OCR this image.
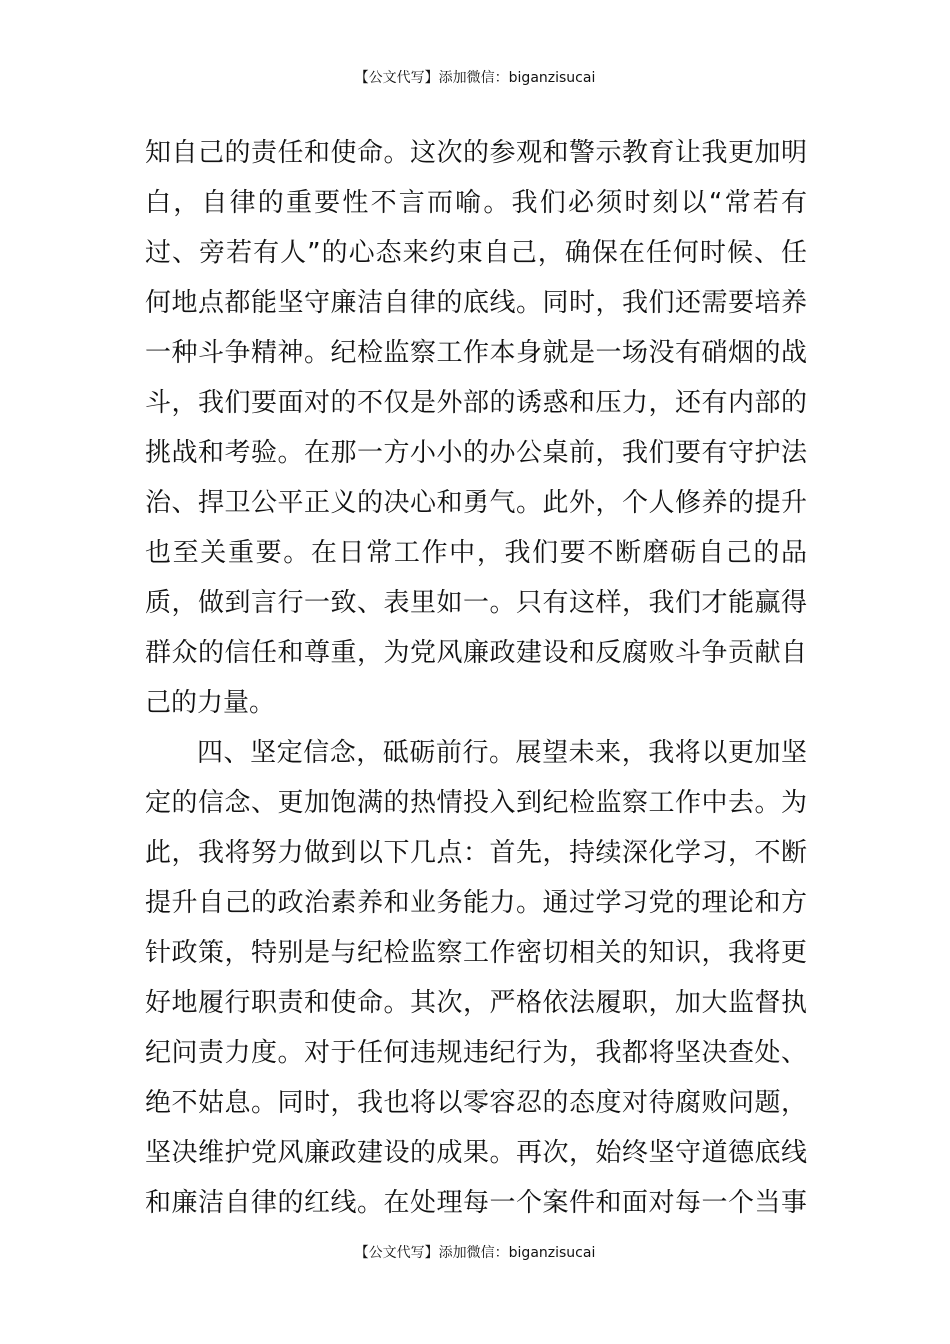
【公文代写】添加微信：biganzisucai
知自己的责任和使命。这次的参观和警示教育让我更加明
白，自律的重要性不言而喻。我们必须时刻以“常若有
过、旁若有人”的心态来约束自己，确保在任何时候、任
何地点都能坚守廉洁自律的底线。同时，我们还需要培养
一种斗争精神。纪检监察工作本身就是一场没有硝烟的战
斗，我们要面对的不仅是外部的诱惑和压力，还有内部的
挑战和考验。在那一方小小的办公桌前，我们要有守护法
治、捍卫公平正义的决心和勇气。此外，个人修养的提升
也至关重要。在日常工作中，我们要不断磨砺自己的品
质，做到言行一致、表里如一。只有这样，我们才能赢得
群众的信任和尊重，为党风廉政建设和反腐败斗争贡献自
己的力量。
四、坚定信念，砥砺前行。展望未来，我将以更加坚
定的信念、更加饱满的热情投入到纪检监察工作中去。为
此，我将努力做到以下几点：首先，持续深化学习，不断
提升自己的政治素养和业务能力。通过学习党的理论和方
针政策，特别是与纪检监察工作密切相关的知识，我将更
好地履行职责和使命。其次，严格依法履职，加大监督执
纪问责力度。对于任何违规违纪行为，我都将坚决查处、
绝不姑息。同时，我也将以零容忍的态度对待腐败问题，
坚决维护党风廉政建设的成果。再次，始终坚守道德底线
和廉洁自律的红线。在处理每一个案件和面对每一个当事
【公文代写】添加微信：biganzisucai
